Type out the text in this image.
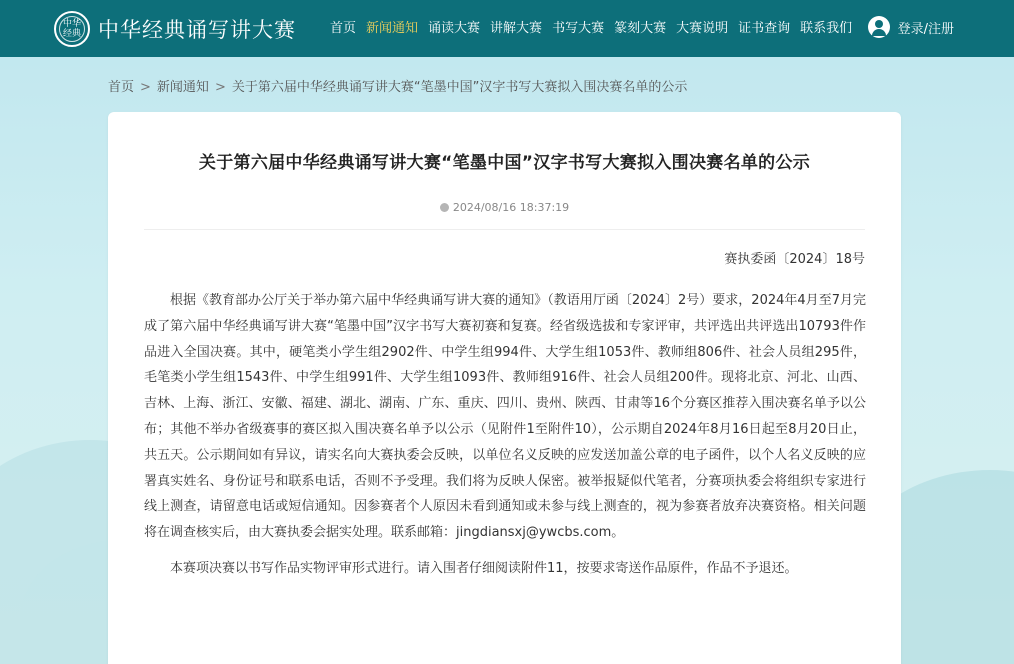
中华经典 中华经典诵写讲大赛	首页 新闻通知 诵读大赛 讲解大赛 书写大赛 篆刻大赛 大赛说明 证书查询 联系我们	登录/注册
首页 > 新闻通知 > 关于第六届中华经典诵写讲大赛“笔墨中国”汉字书写大赛拟入围决赛名单的公示
关于第六届中华经典诵写讲大赛“笔墨中国”汉字书写大赛拟入围决赛名单的公示
2024/08/16 18:37:19
赛执委函〔2024〕18号

根据《教育部办公厅关于举办第六届中华经典诵写讲大赛的通知》（教语用厅函〔2024〕2号）要求，2024年4月至7月完成了第六届中华经典诵写讲大赛“笔墨中国”汉字书写大赛初赛和复赛。经省级选拔和专家评审，共评选出共评选出10793件作品进入全国决赛。其中，硬笔类小学生组2902件、中学生组994件、大学生组1053件、教师组806件、社会人员组295件，毛笔类小学生组1543件、中学生组991件、大学生组1093件、教师组916件、社会人员组200件。现将北京、河北、山西、吉林、上海、浙江、安徽、福建、湖北、湖南、广东、重庆、四川、贵州、陕西、甘肃等16个分赛区推荐入围决赛名单予以公布；其他不举办省级赛事的赛区拟入围决赛名单予以公示（见附件1至附件10），公示期自2024年8月16日起至8月20日止，共五天。公示期间如有异议，请实名向大赛执委会反映，以单位名义反映的应发送加盖公章的电子函件，以个人名义反映的应署真实姓名、身份证号和联系电话，否则不予受理。我们将为反映人保密。被举报疑似代笔者，分赛项执委会将组织专家进行线上测查，请留意电话或短信通知。因参赛者个人原因未看到通知或未参与线上测查的，视为参赛者放弃决赛资格。相关问题将在调查核实后，由大赛执委会据实处理。联系邮箱：jingdiansxj@ywcbs.com。

本赛项决赛以书写作品实物评审形式进行。请入围者仔细阅读附件11，按要求寄送作品原件，作品不予退还。
